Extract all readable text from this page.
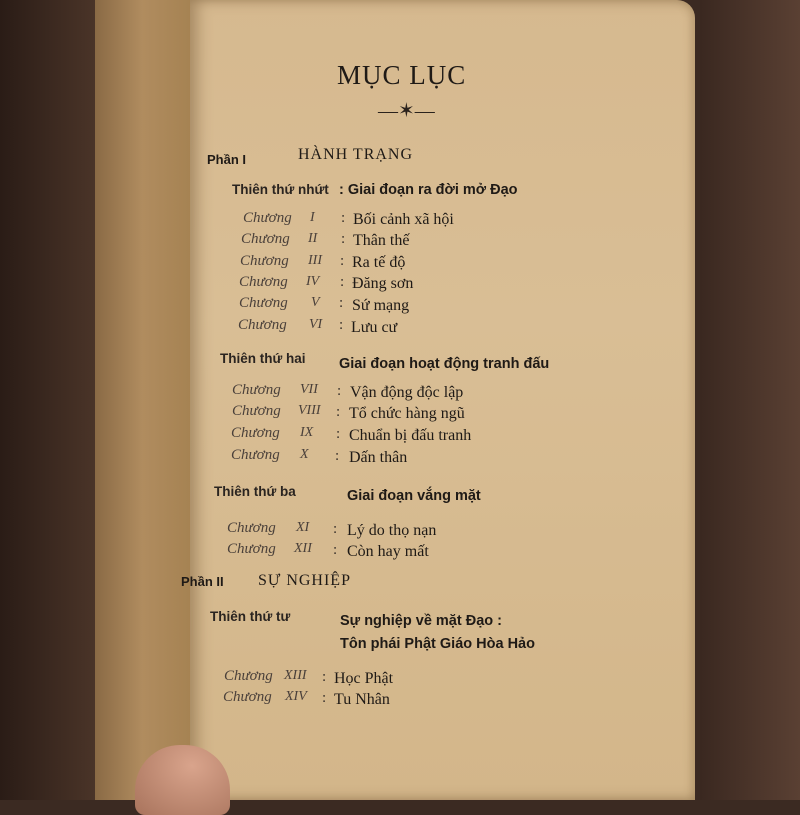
MỤC LỤC
—✶—
Phần I	HÀNH TRẠNG
Thiên thứ nhứt : Giai đoạn ra đời mở Đạo
Chương I : Bối cảnh xã hội
Chương II : Thân thế
Chương III : Ra tế độ
Chương IV : Đăng sơn
Chương V : Sứ mạng
Chương VI : Lưu cư
Thiên thứ hai Giai đoạn hoạt động tranh đấu
Chương VII : Vận động độc lập
Chương VIII : Tổ chức hàng ngũ
Chương IX : Chuẩn bị đấu tranh
Chương X : Dấn thân
Thiên thứ ba	Giai đoạn vắng mặt
Chương XI : Lý do thọ nạn
Chương XII : Còn hay mất
Phần II SỰ NGHIỆP
Thiên thứ tư	Sự nghiệp về mặt Đạo :
Tôn phái Phật Giáo Hòa Hảo
Chương XIII : Học Phật
Chương XIV : Tu Nhân
